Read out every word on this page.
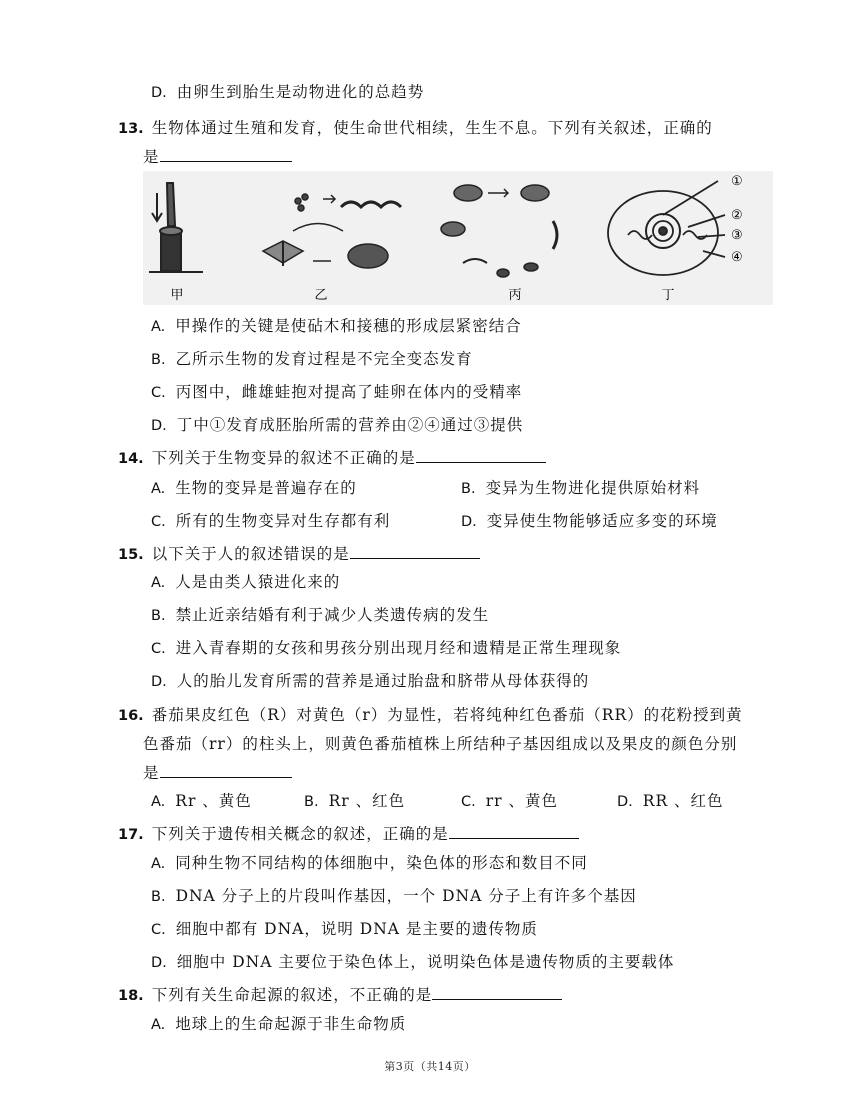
D. 由卵生到胎生是动物进化的总趋势
13. 生物体通过生殖和发育，使生命世代相续，生生不息。下列有关叙述，正确的
是
甲	乙	丙
①
②
③
④
丁
A. 甲操作的关键是使砧木和接穗的形成层紧密结合
B. 乙所示生物的发育过程是不完全变态发育
C. 丙图中，雌雄蛙抱对提高了蛙卵在体内的受精率
D. 丁中①发育成胚胎所需的营养由②④通过③提供
14. 下列关于生物变异的叙述不正确的是
A. 生物的变异是普遍存在的	B. 变异为生物进化提供原始材料
C. 所有的生物变异对生存都有利	D. 变异使生物能够适应多变的环境
15. 以下关于人的叙述错误的是
A. 人是由类人猿进化来的
B. 禁止近亲结婚有利于减少人类遗传病的发生
C. 进入青春期的女孩和男孩分别出现月经和遗精是正常生理现象
D. 人的胎儿发育所需的营养是通过胎盘和脐带从母体获得的
16. 番茄果皮红色（R）对黄色（r）为显性，若将纯种红色番茄（RR）的花粉授到黄
色番茄（rr）的柱头上，则黄色番茄植株上所结种子基因组成以及果皮的颜色分别
是
A. Rr 、黄色	B. Rr 、红色	C. rr 、黄色	D. RR 、红色
17. 下列关于遗传相关概念的叙述，正确的是
A. 同种生物不同结构的体细胞中，染色体的形态和数目不同
B. DNA 分子上的片段叫作基因，一个 DNA 分子上有许多个基因
C. 细胞中都有 DNA，说明 DNA 是主要的遗传物质
D. 细胞中 DNA 主要位于染色体上，说明染色体是遗传物质的主要载体
18. 下列有关生命起源的叙述，不正确的是
A. 地球上的生命起源于非生命物质
第3页（共14页）
